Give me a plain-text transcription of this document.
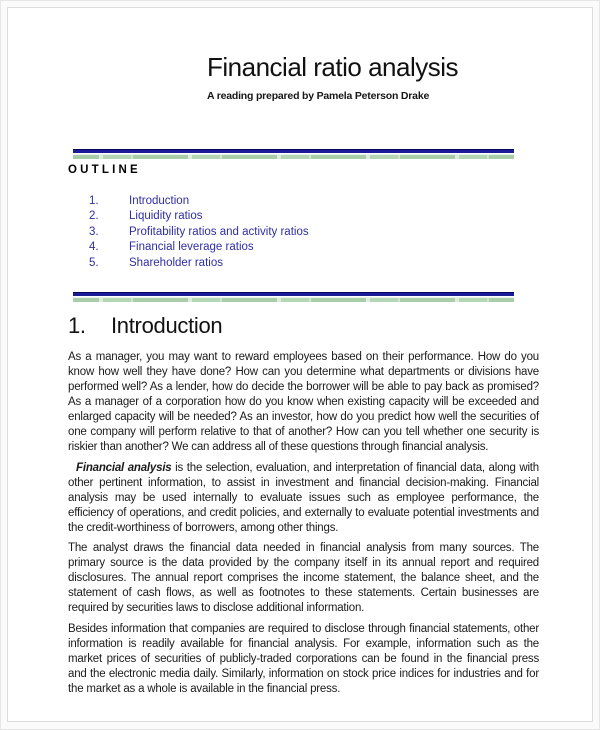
Financial ratio analysis

A reading prepared by Pamela Peterson Drake

OUTLINE
1.	Introduction
2.	Liquidity ratios
3.	Profitability ratios and activity ratios
4.	Financial leverage ratios
5.	Shareholder ratios
1.	Introduction

As a manager, you may want to reward employees based on their performance. How do you know how well they have done? How can you determine what departments or divisions have performed well? As a lender, how do decide the borrower will be able to pay back as promised? As a manager of a corporation how do you know when existing capacity will be exceeded and enlarged capacity will be needed? As an investor, how do you predict how well the securities of one company will perform relative to that of another? How can you tell whether one security is riskier than another? We can address all of these questions through financial analysis.

Financial analysis is the selection, evaluation, and interpretation of financial data, along with other pertinent information, to assist in investment and financial decision-making. Financial analysis may be used internally to evaluate issues such as employee performance, the efficiency of operations, and credit policies, and externally to evaluate potential investments and the credit-worthiness of borrowers, among other things.

The analyst draws the financial data needed in financial analysis from many sources. The primary source is the data provided by the company itself in its annual report and required disclosures. The annual report comprises the income statement, the balance sheet, and the statement of cash flows, as well as footnotes to these statements. Certain businesses are required by securities laws to disclose additional information.

Besides information that companies are required to disclose through financial statements, other information is readily available for financial analysis. For example, information such as the market prices of securities of publicly-traded corporations can be found in the financial press and the electronic media daily. Similarly, information on stock price indices for industries and for the market as a whole is available in the financial press.
